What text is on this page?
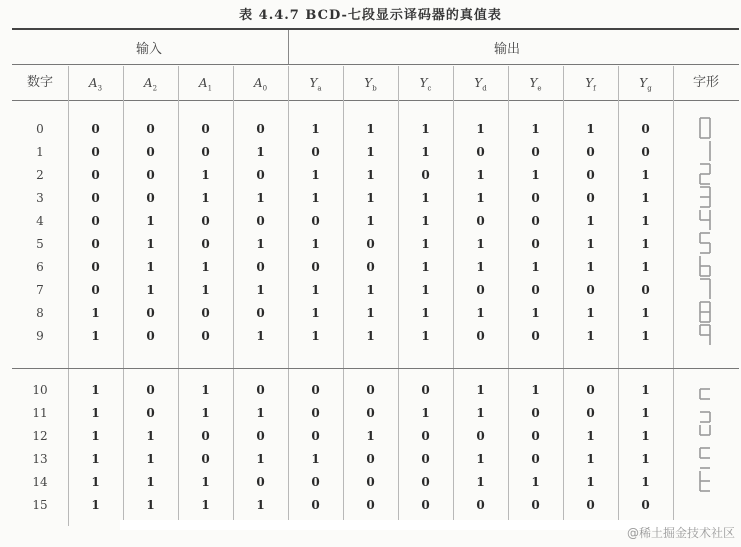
表 4.4.7 BCD-七段显示译码器的真值表
输入	输出
数字	$A_3$	$A_2$	$A_1$	$A_0$	$Y_a$	$Y_b$	$Y_c$	$Y_d$	$Y_e$	$Y_f$	$Y_g$	字形
0	0	0	0	0	1	1	1	1	1	1	0
1	0	0	0	1	0	1	1	0	0	0	0
2	0	0	1	0	1	1	0	1	1	0	1
3	0	0	1	1	1	1	1	1	0	0	1
4	0	1	0	0	0	1	1	0	0	1	1
5	0	1	0	1	1	0	1	1	0	1	1
6	0	1	1	0	0	0	1	1	1	1	1
7	0	1	1	1	1	1	1	0	0	0	0
8	1	0	0	0	1	1	1	1	1	1	1
9	1	0	0	1	1	1	1	0	0	1	1
10	1	0	1	0	0	0	0	1	1	0	1
11	1	0	1	1	0	0	1	1	0	0	1
12	1	1	0	0	0	1	0	0	0	1	1
13	1	1	0	1	1	0	0	1	0	1	1
14	1	1	1	0	0	0	0	1	1	1	1
15	1	1	1	1	0	0	0	0	0	0	0
@稀土掘金技术社区
